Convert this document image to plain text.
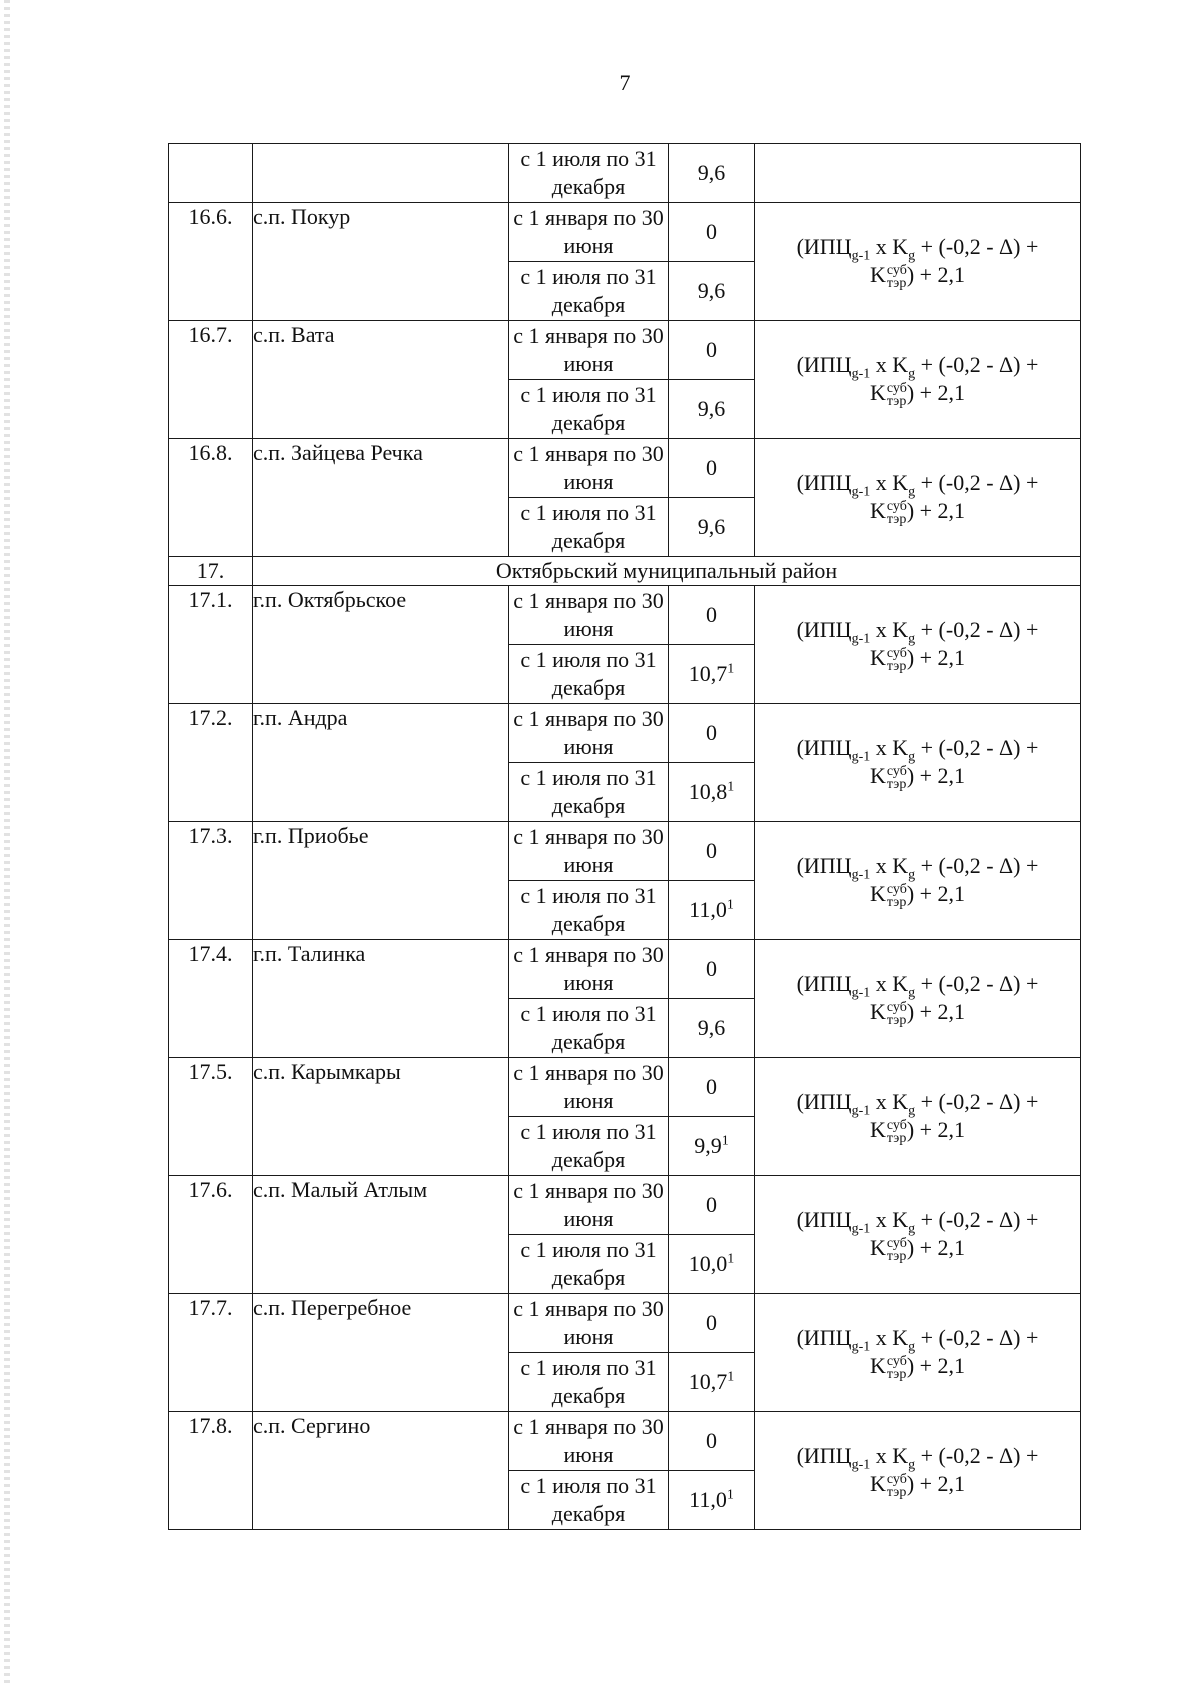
7
		с 1 июля по 31 декабря	9,6	
16.6.	с.п. Покур	с 1 января по 30 июня	0	($ИПЦ_{g-1}$ x $K_g + (-0,2 - \Delta)$ +
K суб
тэр ) + 2,1

		с 1 июля по 31 декабря	9,6	
16.7.	с.п. Вата	с 1 января по 30 июня	0	($ИПЦ_{g-1}$ x $K_g + (-0,2 - \Delta)$ +
K суб
тэр ) + 2,1

		с 1 июля по 31 декабря	9,6	
16.8.	с.п. Зайцева Речка	с 1 января по 30 июня	0	($ИПЦ_{g-1}$ x $K_g + (-0,2 - \Delta)$ +
K суб
тэр ) + 2,1

		с 1 июля по 31 декабря	9,6	
17.	Октябрьский муниципальный район			
17.1.	г.п. Октябрьское	с 1 января по 30 июня	0	($ИПЦ_{g-1}$ x $K_g + (-0,2 - \Delta)$ +
K суб
тэр ) + 2,1

		с 1 июля по 31 декабря	10,7$^1$
17.2.	г.п. Андра	с 1 января по 30 июня	0	($ИПЦ_{g-1}$ x $K_g + (-0,2 - \Delta)$ +
K суб
тэр ) + 2,1

		с 1 июля по 31 декабря	10,8$^1$
17.3.	г.п. Приобье	с 1 января по 30 июня	0	($ИПЦ_{g-1}$ x $K_g + (-0,2 - \Delta)$ +
K суб
тэр ) + 2,1

		с 1 июля по 31 декабря	11,0$^1$
17.4.	г.п. Талинка	с 1 января по 30 июня	0	($ИПЦ_{g-1}$ x $K_g + (-0,2 - \Delta)$ +
K суб
тэр ) + 2,1

		с 1 июля по 31 декабря	9,6	
17.5.	с.п. Карымкары	с 1 января по 30 июня	0	($ИПЦ_{g-1}$ x $K_g + (-0,2 - \Delta)$ +
K суб
тэр ) + 2,1

		с 1 июля по 31 декабря	$9,9^1$
17.6.	с.п. Малый Атлым	с 1 января по 30 июня	0	($ИПЦ_{g-1}$ x $K_g + (-0,2 - \Delta)$ +
K суб
тэр ) + 2,1

		с 1 июля по 31 декабря	10,0$^1$
17.7.	с.п. Перегребное	с 1 января по 30 июня	0	($ИПЦ_{g-1}$ x $K_g + (-0,2 - \Delta)$ +
K суб
тэр ) + 2,1

		с 1 июля по 31 декабря	10,7$^1$
17.8.	с.п. Сергино	с 1 января по 30 июня	0	($ИПЦ_{g-1}$ x $K_g + (-0,2 - \Delta)$ +
K суб
тэр ) + 2,1

		с 1 июля по 31 декабря	11,0$^1$
